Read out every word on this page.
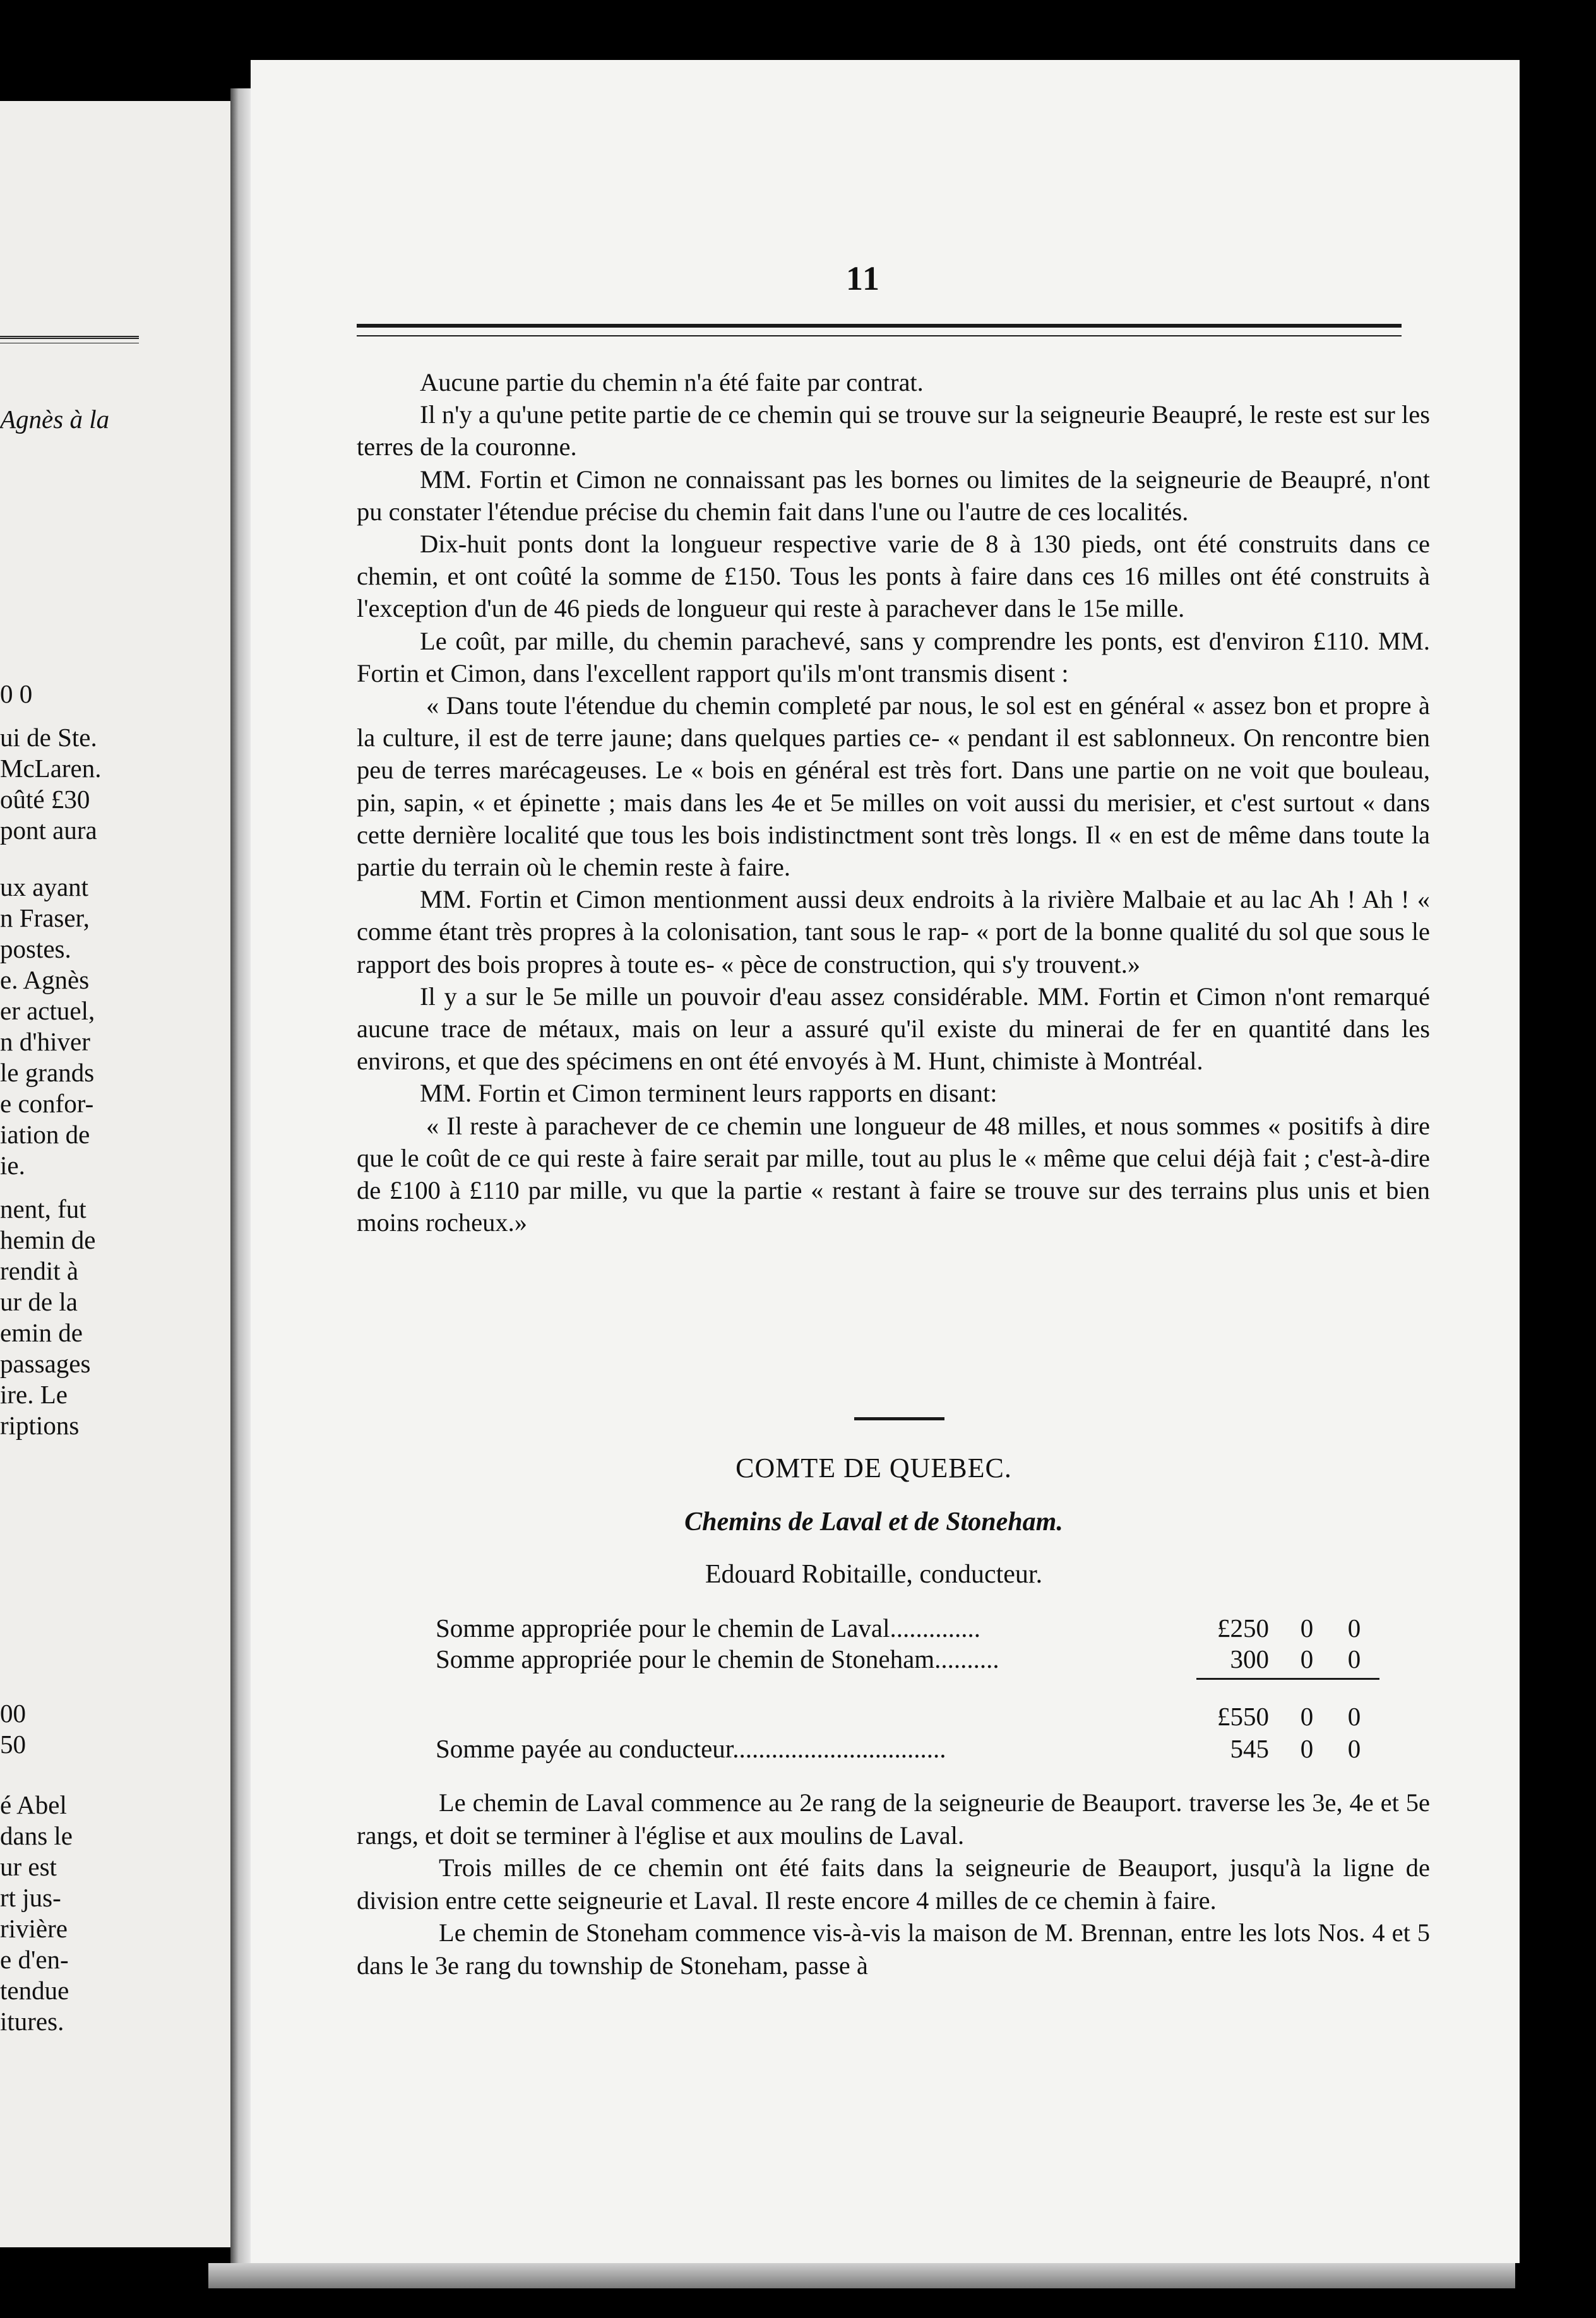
Agnès à la
0 0
ui de Ste.
McLaren.
oûté £30
pont aura
ux ayant
n Fraser,
postes.
e. Agnès
er actuel,
n d'hiver
le grands
e confor-
iation de
ie.
nent, fut
hemin de
rendit à
ur de la
emin de
passages
ire. Le
riptions
00
50
é Abel
dans le
ur est
rt jus-
rivière
e d'en-
tendue
itures.
11

Aucune partie du chemin n'a été faite par contrat.

Il n'y a qu'une petite partie de ce chemin qui se trouve sur la seigneurie Beaupré, le reste est sur les terres de la couronne.

MM. Fortin et Cimon ne connaissant pas les bornes ou limites de la seigneurie de Beaupré, n'ont pu constater l'étendue précise du chemin fait dans l'une ou l'autre de ces localités.

Dix-huit ponts dont la longueur respective varie de 8 à 130 pieds, ont été construits dans ce chemin, et ont coûté la somme de £150. Tous les ponts à faire dans ces 16 milles ont été construits à l'exception d'un de 46 pieds de longueur qui reste à parachever dans le 15e mille.

Le coût, par mille, du chemin parachevé, sans y comprendre les ponts, est d'environ £110. MM. Fortin et Cimon, dans l'excellent rapport qu'ils m'ont transmis disent :

« Dans toute l'étendue du chemin completé par nous, le sol est en général « assez bon et propre à la culture, il est de terre jaune; dans quelques parties ce- « pendant il est sablonneux. On rencontre bien peu de terres marécageuses. Le « bois en général est très fort. Dans une partie on ne voit que bouleau, pin, sapin, « et épinette ; mais dans les 4e et 5e milles on voit aussi du merisier, et c'est surtout « dans cette dernière localité que tous les bois indistinctment sont très longs. Il « en est de même dans toute la partie du terrain où le chemin reste à faire.

MM. Fortin et Cimon mentionment aussi deux endroits à la rivière Malbaie et au lac Ah ! Ah ! « comme étant très propres à la colonisation, tant sous le rap- « port de la bonne qualité du sol que sous le rapport des bois propres à toute es- « pèce de construction, qui s'y trouvent.»

Il y a sur le 5e mille un pouvoir d'eau assez considérable. MM. Fortin et Cimon n'ont remarqué aucune trace de métaux, mais on leur a assuré qu'il existe du minerai de fer en quantité dans les environs, et que des spécimens en ont été envoyés à M. Hunt, chimiste à Montréal.

MM. Fortin et Cimon terminent leurs rapports en disant:

« Il reste à parachever de ce chemin une longueur de 48 milles, et nous sommes « positifs à dire que le coût de ce qui reste à faire serait par mille, tout au plus le « même que celui déjà fait ; c'est-à-dire de £100 à £110 par mille, vu que la partie « restant à faire se trouve sur des terrains plus unis et bien moins rocheux.»

COMTE DE QUEBEC.
Chemins de Laval et de Stoneham.
Edouard Robitaille, conducteur.
Somme appropriée pour le chemin de Laval..............	£250 0 0
Somme appropriée pour le chemin de Stoneham..........	300 0 0
£550 0 0
Somme payée au conducteur.................................	545 0 0

Le chemin de Laval commence au 2e rang de la seigneurie de Beauport. traverse les 3e, 4e et 5e rangs, et doit se terminer à l'église et aux moulins de Laval.

Trois milles de ce chemin ont été faits dans la seigneurie de Beauport, jusqu'à la ligne de division entre cette seigneurie et Laval. Il reste encore 4 milles de ce chemin à faire.

Le chemin de Stoneham commence vis-à-vis la maison de M. Brennan, entre les lots Nos. 4 et 5 dans le 3e rang du township de Stoneham, passe à
